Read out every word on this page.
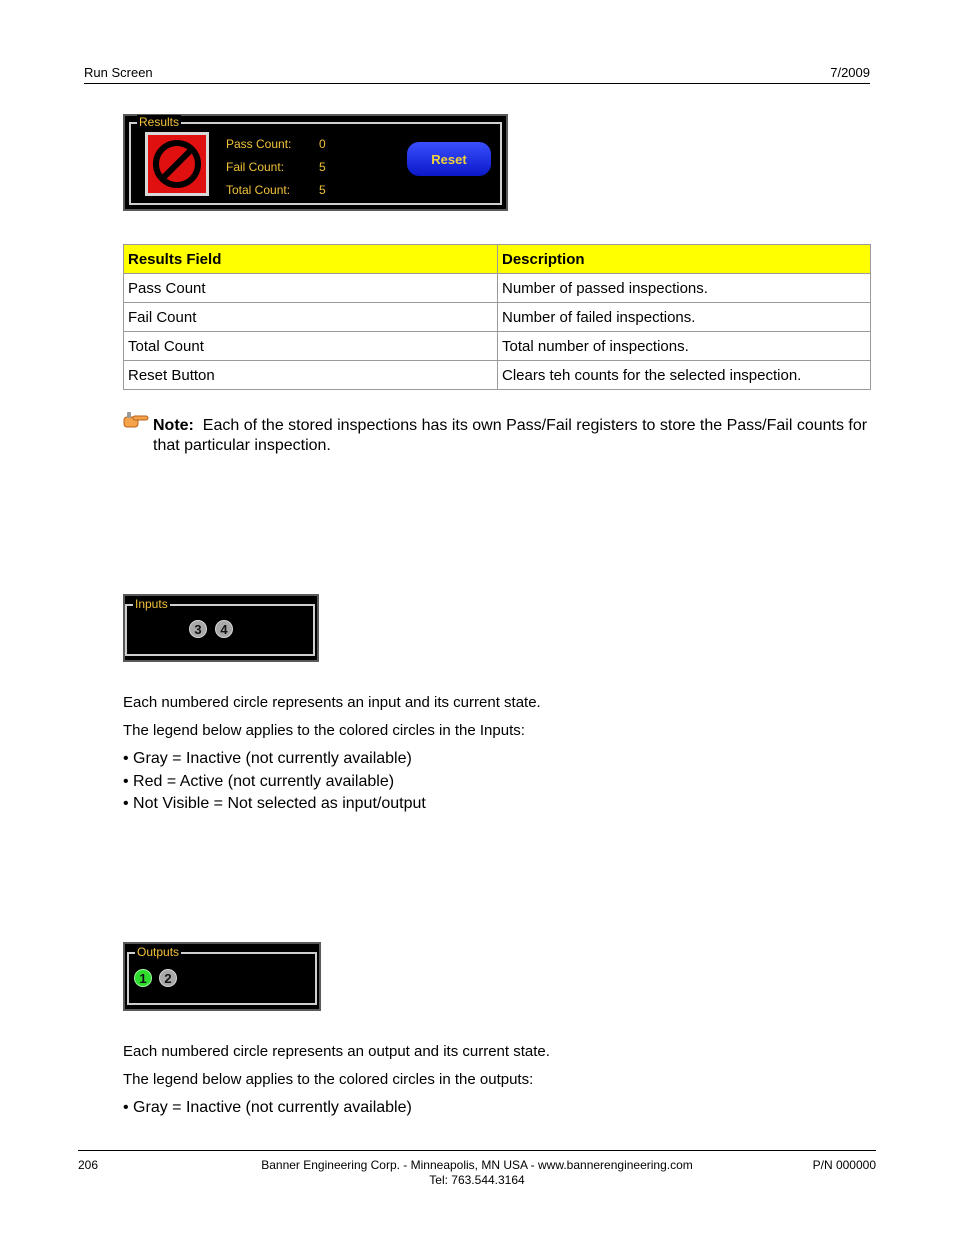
Run Screen	7/2009
Results
Pass Count: 0
Fail Count:	5
Total Count: 5
Reset
Results Field	Description
Pass Count	Number of passed inspections.
Fail Count	Number of failed inspections.
Total Count	Total number of inspections.
Reset Button	Clears teh counts for the selected inspection.
Note: Each of the stored inspections has its own Pass/Fail registers to store the Pass/Fail counts for that particular inspection.
Inputs
3	4
Each numbered circle represents an input and its current state.
The legend below applies to the colored circles in the Inputs:
• Gray = Inactive (not currently available)
• Red = Active (not currently available)
• Not Visible = Not selected as input/output
Outputs
1	2
Each numbered circle represents an output and its current state.
The legend below applies to the colored circles in the outputs:
• Gray = Inactive (not currently available)
206	Banner Engineering Corp. - Minneapolis, MN USA - www.bannerengineering.com
Tel: 763.544.3164
P/N 000000
